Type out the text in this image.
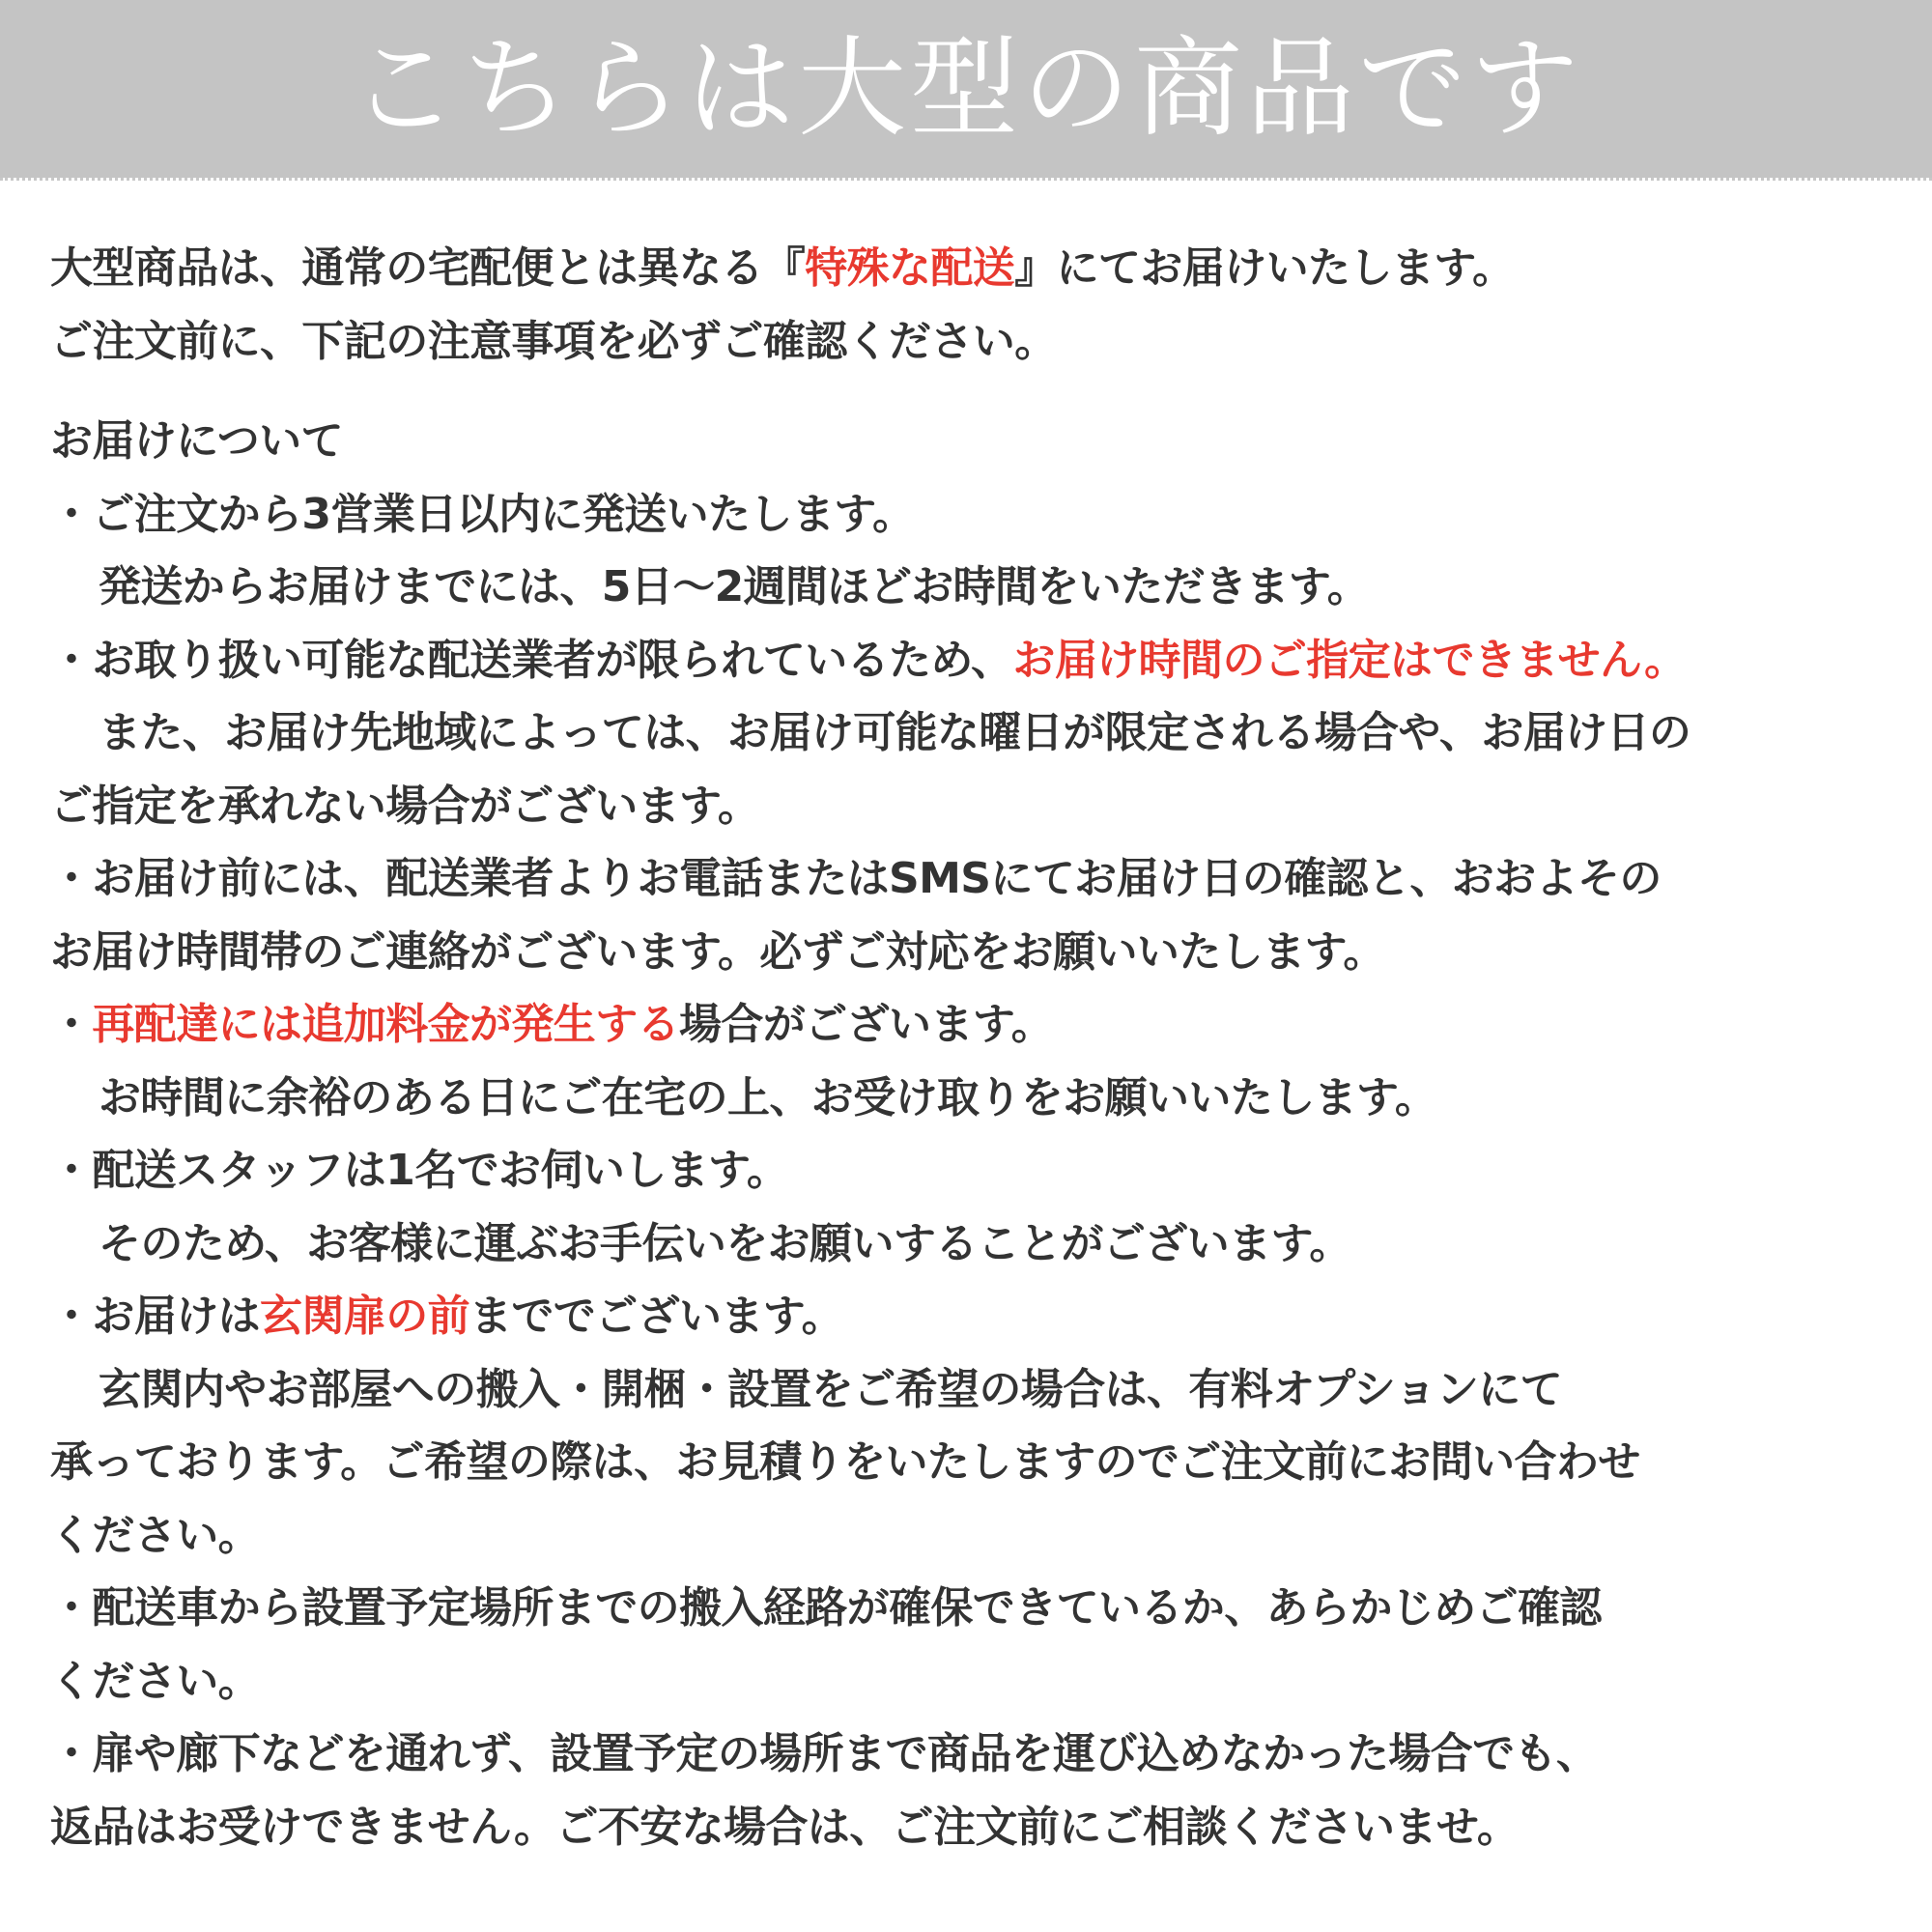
こちらは大型の商品です
大型商品は、通常の宅配便とは異なる『特殊な配送』にてお届けいたします。
ご注文前に、下記の注意事項を必ずご確認ください。
お届けについて
・ご注文から3営業日以内に発送いたします。
発送からお届けまでには、5日～2週間ほどお時間をいただきます。
・お取り扱い可能な配送業者が限られているため、お届け時間のご指定はできません。
また、お届け先地域によっては、お届け可能な曜日が限定される場合や、お届け日の
ご指定を承れない場合がございます。
・お届け前には、配送業者よりお電話またはSMSにてお届け日の確認と、おおよその
お届け時間帯のご連絡がございます。必ずご対応をお願いいたします。
・再配達には追加料金が発生する場合がございます。
お時間に余裕のある日にご在宅の上、お受け取りをお願いいたします。
・配送スタッフは1名でお伺いします。
そのため、お客様に運ぶお手伝いをお願いすることがございます。
・お届けは玄関扉の前まででございます。
玄関内やお部屋への搬入・開梱・設置をご希望の場合は、有料オプションにて
承っております。ご希望の際は、お見積りをいたしますのでご注文前にお問い合わせ
ください。
・配送車から設置予定場所までの搬入経路が確保できているか、あらかじめご確認
ください。
・扉や廊下などを通れず、設置予定の場所まで商品を運び込めなかった場合でも、
返品はお受けできません。ご不安な場合は、ご注文前にご相談くださいませ。
